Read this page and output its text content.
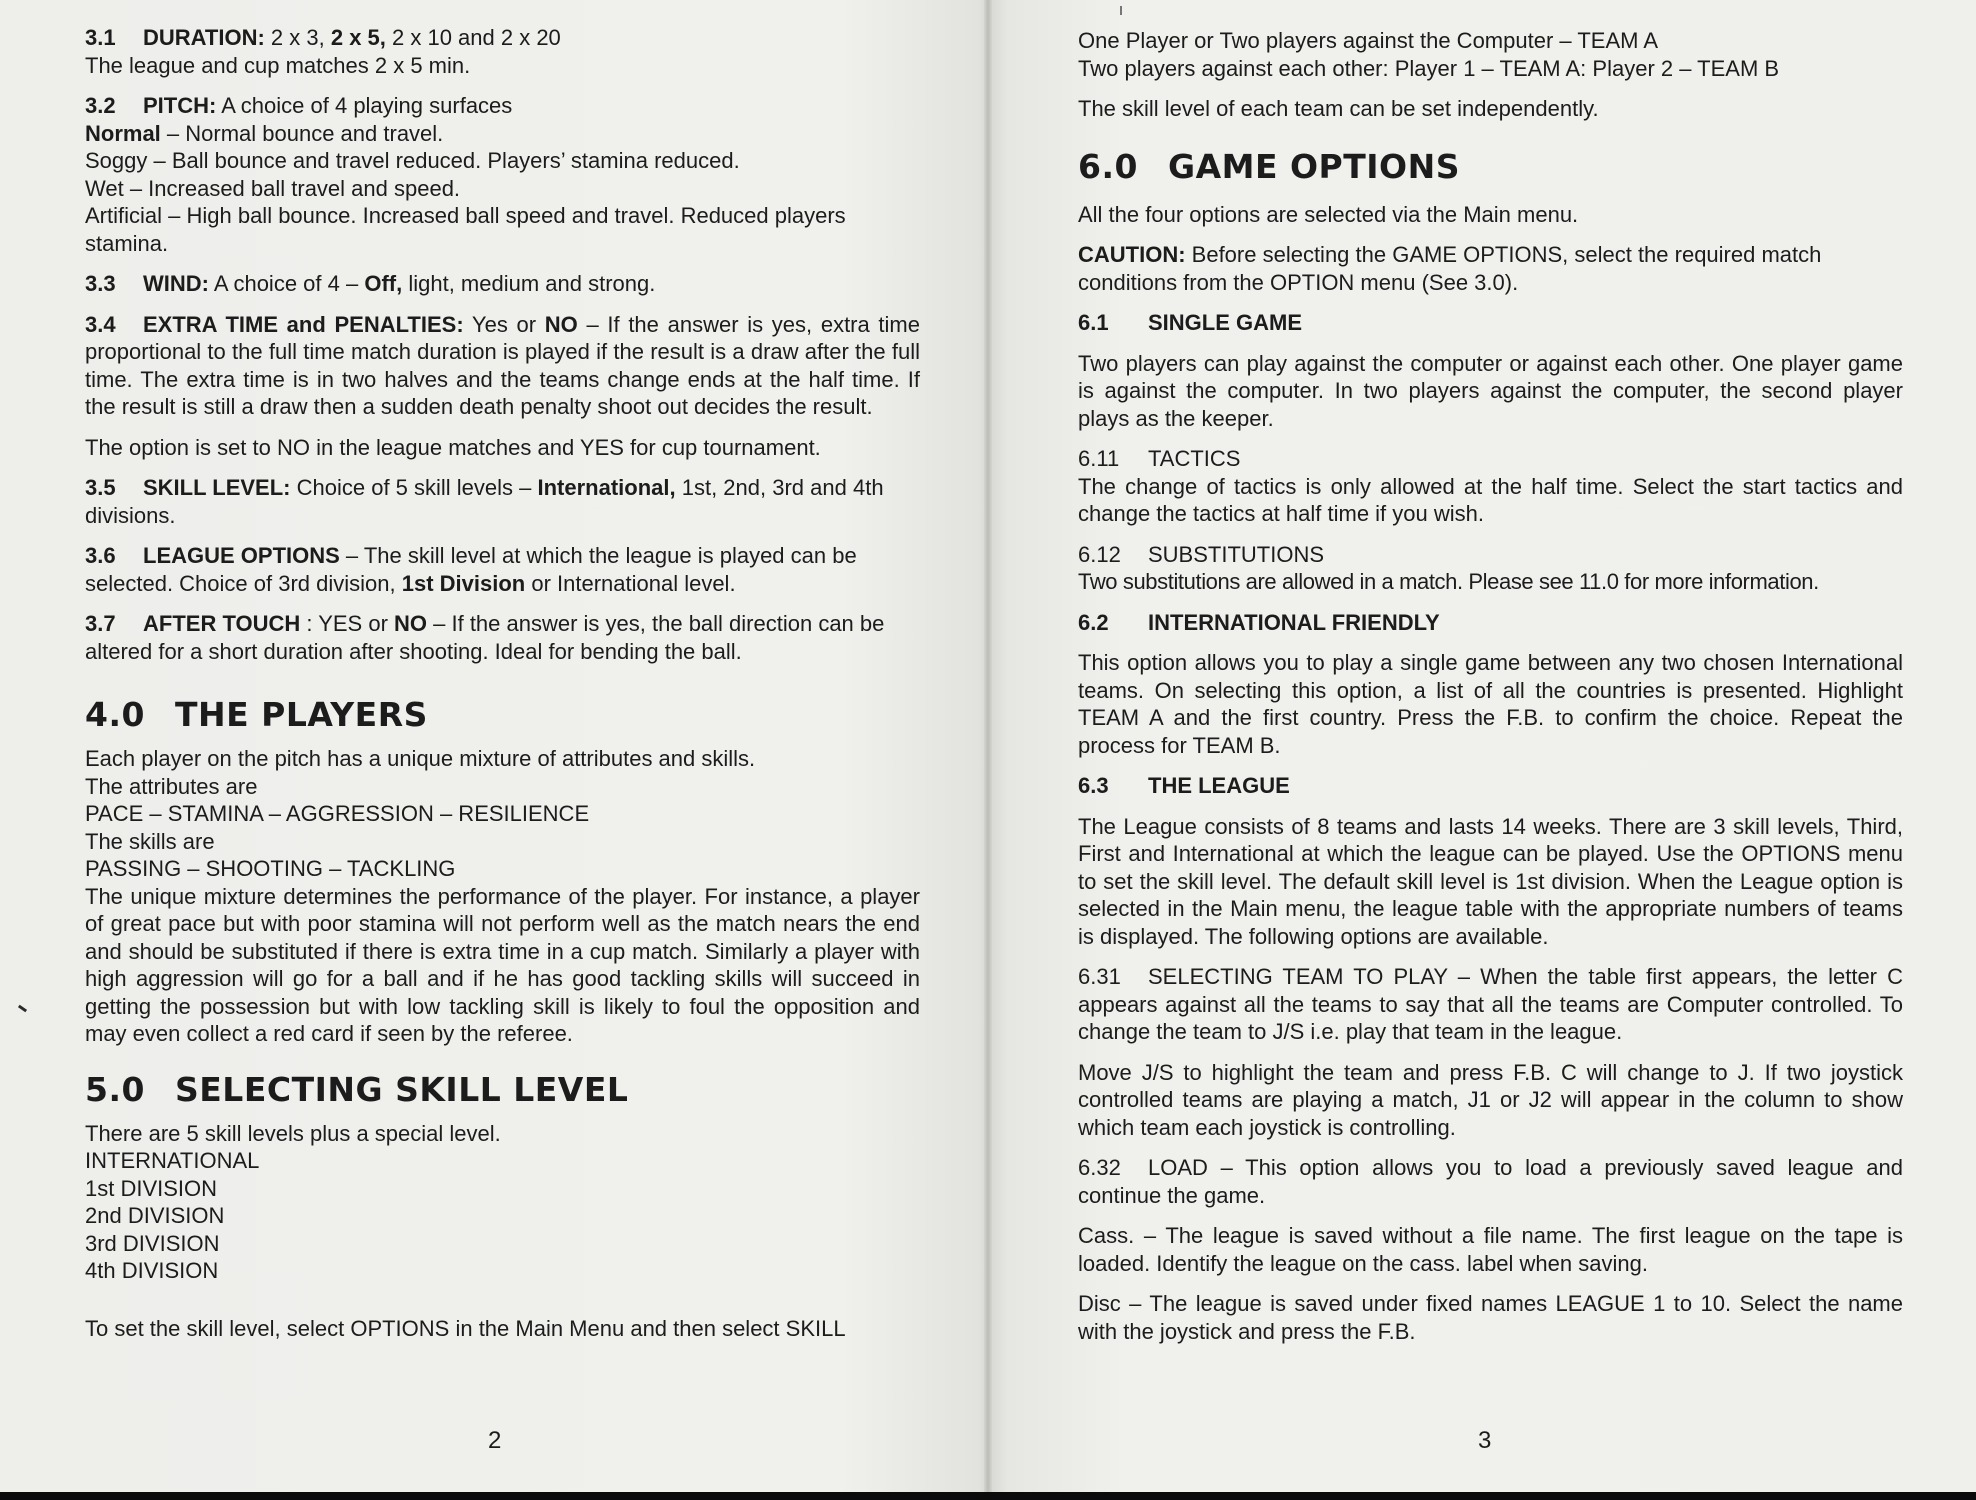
3.1 DURATION: 2 x 3, 2 x 5, 2 x 10 and 2 x 20

The league and cup matches 2 x 5 min.

3.2 PITCH: A choice of 4 playing surfaces

Normal – Normal bounce and travel.

Soggy – Ball bounce and travel reduced. Players’ stamina reduced.

Wet – Increased ball travel and speed.

Artificial – High ball bounce. Increased ball speed and travel. Reduced players stamina.

3.3 WIND: A choice of 4 – Off, light, medium and strong.

3.4 EXTRA TIME and PENALTIES: Yes or NO – If the answer is yes, extra time proportional to the full time match duration is played if the result is a draw after the full time. The extra time is in two halves and the teams change ends at the half time. If the result is still a draw then a sudden death penalty shoot out decides the result.

The option is set to NO in the league matches and YES for cup tournament.

3.5 SKILL LEVEL: Choice of 5 skill levels – International, 1st, 2nd, 3rd and 4th divisions.

3.6 LEAGUE OPTIONS – The skill level at which the league is played can be selected. Choice of 3rd division, 1st Division or International level.

3.7 AFTER TOUCH : YES or NO – If the answer is yes, the ball direction can be altered for a short duration after shooting. Ideal for bending the ball.

4.0 THE PLAYERS

Each player on the pitch has a unique mixture of attributes and skills.

The attributes are

PACE – STAMINA – AGGRESSION – RESILIENCE

The skills are

PASSING – SHOOTING – TACKLING

The unique mixture determines the performance of the player. For instance, a player of great pace but with poor stamina will not perform well as the match nears the end and should be substituted if there is extra time in a cup match. Similarly a player with high aggression will go for a ball and if he has good tackling skills will succeed in getting the possession but with low tackling skill is likely to foul the opposition and may even collect a red card if seen by the referee.

5.0 SELECTING SKILL LEVEL

There are 5 skill levels plus a special level.

INTERNATIONAL
1st DIVISION
2nd DIVISION
3rd DIVISION
4th DIVISION

To set the skill level, select OPTIONS in the Main Menu and then select SKILL

2

One Player or Two players against the Computer – TEAM A

Two players against each other: Player 1 – TEAM A: Player 2 – TEAM B

The skill level of each team can be set independently.

6.0 GAME OPTIONS

All the four options are selected via the Main menu.

CAUTION: Before selecting the GAME OPTIONS, select the required match conditions from the OPTION menu (See 3.0).

6.1 SINGLE GAME

Two players can play against the computer or against each other. One player game is against the computer. In two players against the computer, the second player plays as the keeper.

6.11 TACTICS

The change of tactics is only allowed at the half time. Select the start tactics and change the tactics at half time if you wish.

6.12 SUBSTITUTIONS

Two substitutions are allowed in a match. Please see 11.0 for more information.

6.2 INTERNATIONAL FRIENDLY

This option allows you to play a single game between any two chosen International teams. On selecting this option, a list of all the countries is presented. Highlight TEAM A and the first country. Press the F.B. to confirm the choice. Repeat the process for TEAM B.

6.3 THE LEAGUE

The League consists of 8 teams and lasts 14 weeks. There are 3 skill levels, Third, First and International at which the league can be played. Use the OPTIONS menu to set the skill level. The default skill level is 1st division. When the League option is selected in the Main menu, the league table with the appropriate numbers of teams is displayed. The following options are available.

6.31 SELECTING TEAM TO PLAY – When the table first appears, the letter C appears against all the teams to say that all the teams are Computer controlled. To change the team to J/S i.e. play that team in the league.

Move J/S to highlight the team and press F.B. C will change to J. If two joystick controlled teams are playing a match, J1 or J2 will appear in the column to show which team each joystick is controlling.

6.32 LOAD – This option allows you to load a previously saved league and continue the game.

Cass. – The league is saved without a file name. The first league on the tape is loaded. Identify the league on the cass. label when saving.

Disc – The league is saved under fixed names LEAGUE 1 to 10. Select the name with the joystick and press the F.B.

3
